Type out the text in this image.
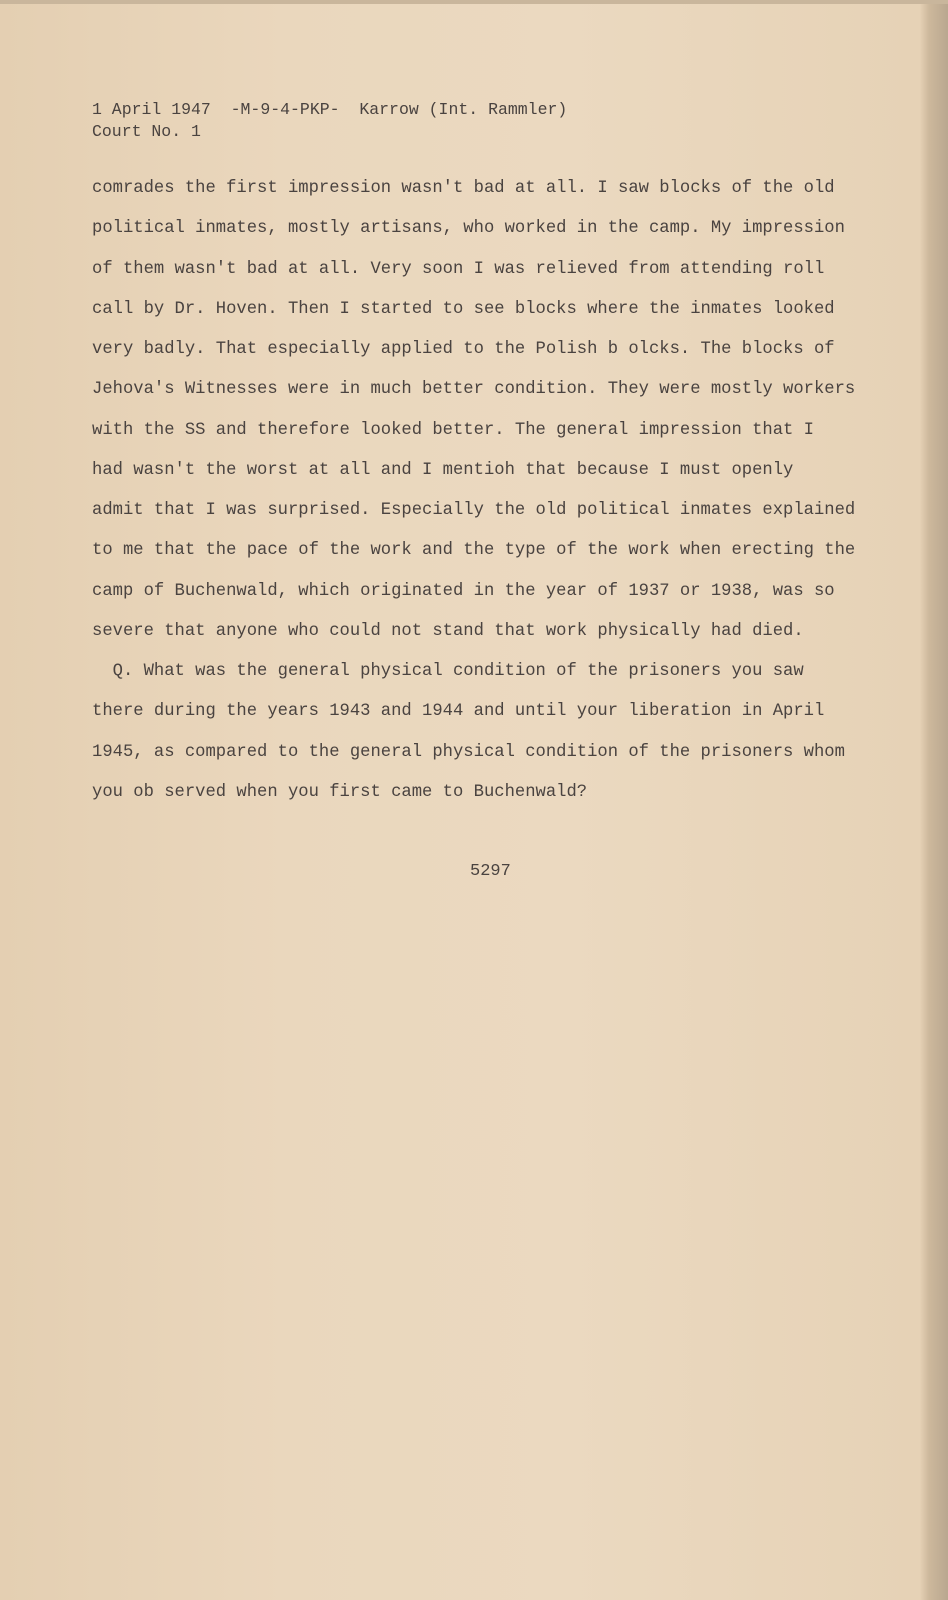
1 April 1947  -M-9-4-PKP-  Karrow (Int. Rammler)
Court No. 1
comrades the first impression wasn't bad at all. I saw blocks of the old
political inmates, mostly artisans, who worked in the camp. My impression
of them wasn't bad at all. Very soon I was relieved from attending roll
call by Dr. Hoven. Then I started to see blocks where the inmates looked
very badly. That especially applied to the Polish b olcks. The blocks of
Jehova's Witnesses were in much better condition. They were mostly workers
with the SS and therefore looked better. The general impression that I
had wasn't the worst at all and I mentioh that because I must openly
admit that I was surprised. Especially the old political inmates explained
to me that the pace of the work and the type of the work when erecting the
camp of Buchenwald, which originated in the year of 1937 or 1938, was so
severe that anyone who could not stand that work physically had died.
Q. What was the general physical condition of the prisoners you saw
there during the years 1943 and 1944 and until your liberation in April
1945, as compared to the general physical condition of the prisoners whom
you ob served when you first came to Buchenwald?
5297
